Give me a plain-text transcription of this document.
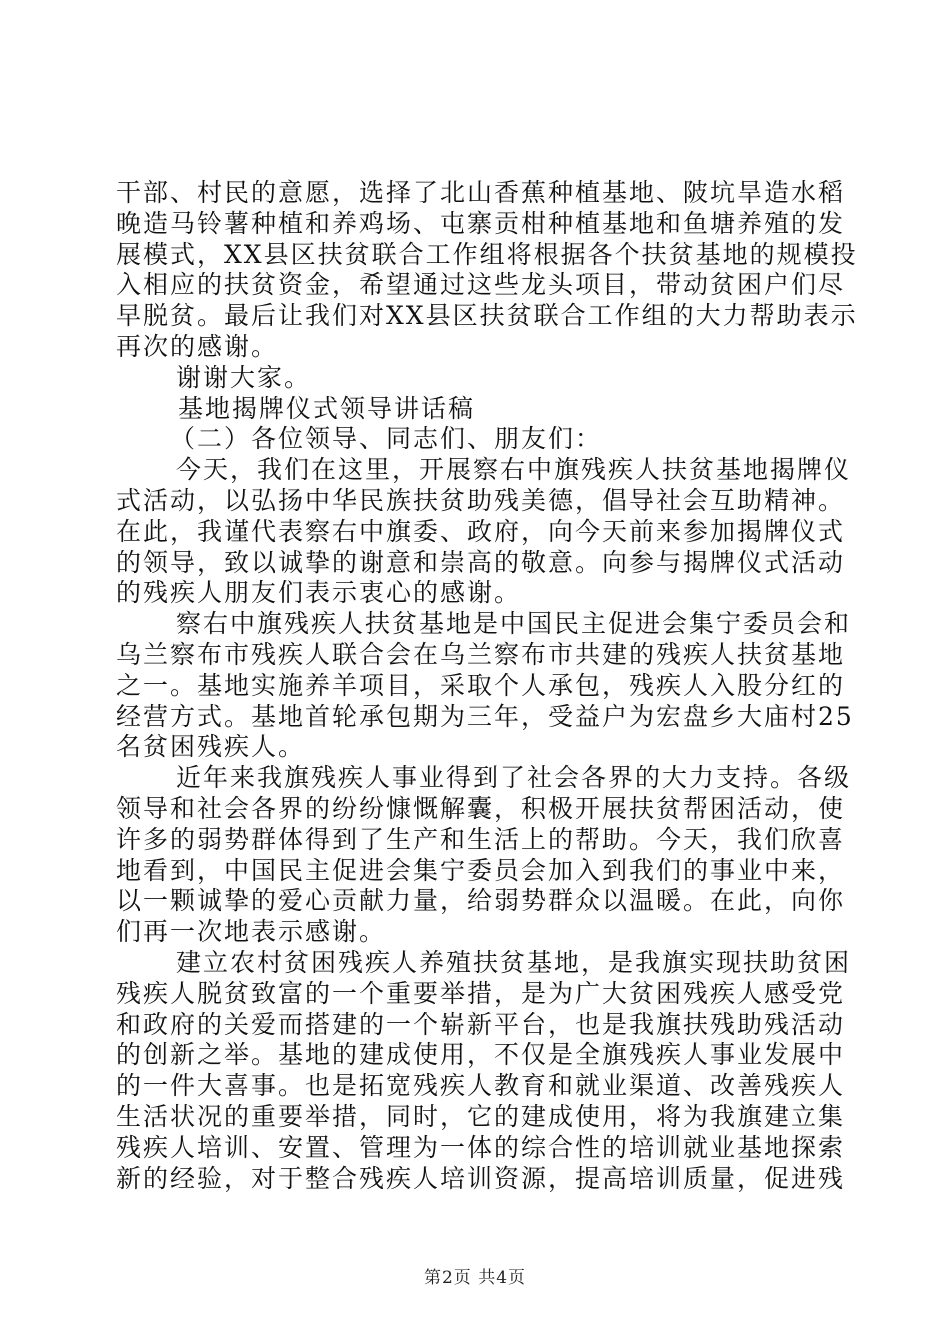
干部、村民的意愿，选择了北山香蕉种植基地、陂坑旱造水稻
晚造马铃薯种植和养鸡场、屯寨贡柑种植基地和鱼塘养殖的发
展模式，XX县区扶贫联合工作组将根据各个扶贫基地的规模投
入相应的扶贫资金，希望通过这些龙头项目，带动贫困户们尽
早脱贫。最后让我们对XX县区扶贫联合工作组的大力帮助表示
再次的感谢。
谢谢大家。
基地揭牌仪式领导讲话稿
（二）各位领导、同志们、朋友们：
今天，我们在这里，开展察右中旗残疾人扶贫基地揭牌仪
式活动，以弘扬中华民族扶贫助残美德，倡导社会互助精神。
在此，我谨代表察右中旗委、政府，向今天前来参加揭牌仪式
的领导，致以诚挚的谢意和崇高的敬意。向参与揭牌仪式活动
的残疾人朋友们表示衷心的感谢。
察右中旗残疾人扶贫基地是中国民主促进会集宁委员会和
乌兰察布市残疾人联合会在乌兰察布市共建的残疾人扶贫基地
之一。基地实施养羊项目，采取个人承包，残疾人入股分红的
经营方式。基地首轮承包期为三年，受益户为宏盘乡大庙村25
名贫困残疾人。
近年来我旗残疾人事业得到了社会各界的大力支持。各级
领导和社会各界的纷纷慷慨解囊，积极开展扶贫帮困活动，使
许多的弱势群体得到了生产和生活上的帮助。今天，我们欣喜
地看到，中国民主促进会集宁委员会加入到我们的事业中来，
以一颗诚挚的爱心贡献力量，给弱势群众以温暖。在此，向你
们再一次地表示感谢。
建立农村贫困残疾人养殖扶贫基地，是我旗实现扶助贫困
残疾人脱贫致富的一个重要举措，是为广大贫困残疾人感受党
和政府的关爱而搭建的一个崭新平台，也是我旗扶残助残活动
的创新之举。基地的建成使用，不仅是全旗残疾人事业发展中
的一件大喜事。也是拓宽残疾人教育和就业渠道、改善残疾人
生活状况的重要举措，同时，它的建成使用，将为我旗建立集
残疾人培训、安置、管理为一体的综合性的培训就业基地探索
新的经验，对于整合残疾人培训资源，提高培训质量，促进残
第2页 共4页
